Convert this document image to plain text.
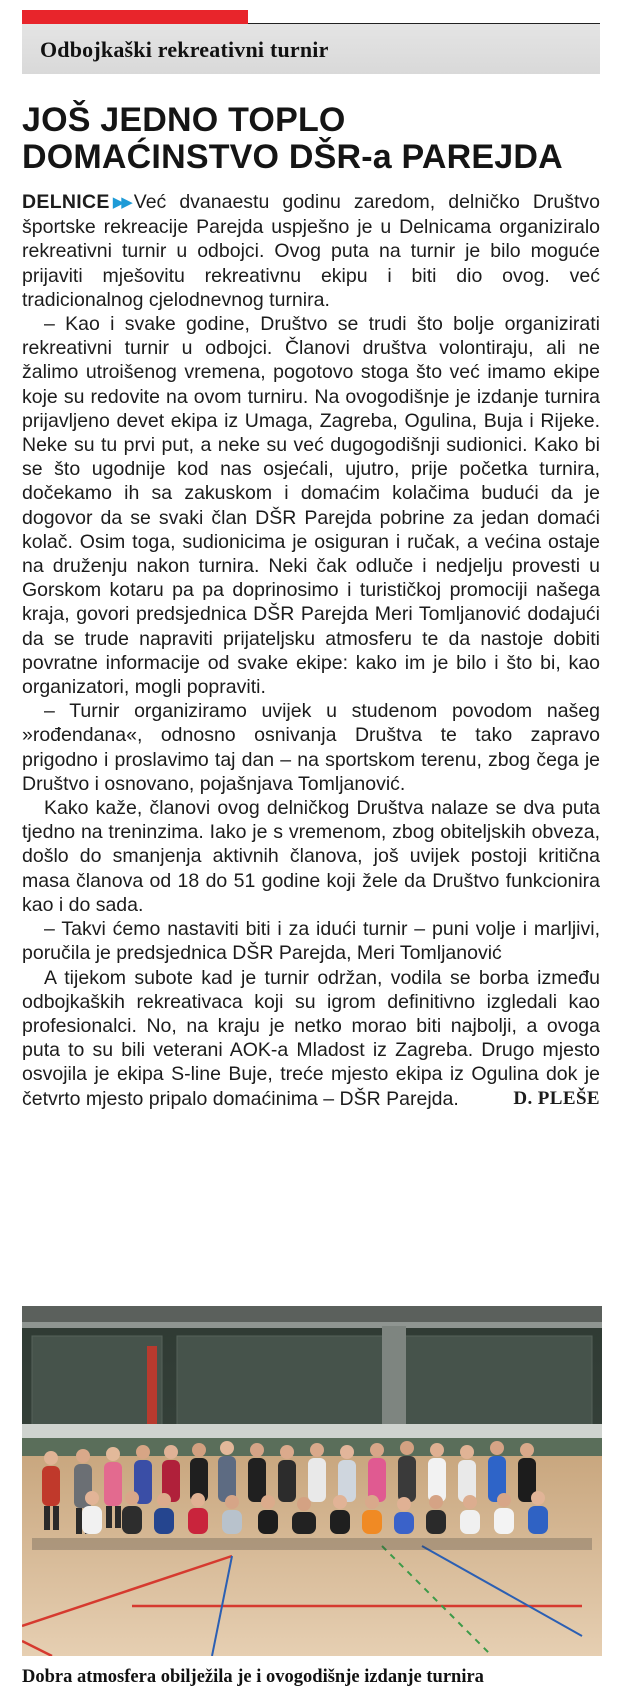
Odbojkaški rekreativni turnir
JOŠ JEDNO TOPLO
DOMAĆINSTVO DŠR-a PAREJDA

DELNICE ▶▶ Već dvanaestu godinu zaredom, delničko Društvo športske rekreacije Parejda uspješno je u Delnicama organiziralo rekreativni turnir u odbojci. Ovog puta na turnir je bilo moguće prijaviti mješovitu rekreativnu ekipu i biti dio ovog. već tradicionalnog cjelodnevnog turnira.

– Kao i svake godine, Društvo se trudi što bolje organizirati rekreativni turnir u odbojci. Članovi društva volontiraju, ali ne žalimo utroišenog vremena, pogotovo stoga što već imamo ekipe koje su redovite na ovom turniru. Na ovogodišnje je izdanje turnira prijavljeno devet ekipa iz Umaga, Zagreba, Ogulina, Buja i Rijeke. Neke su tu prvi put, a neke su već dugogodišnji sudionici. Kako bi se što ugodnije kod nas osjećali, ujutro, prije početka turnira, dočekamo ih sa zakuskom i domaćim kolačima budući da je dogovor da se svaki član DŠR Parejda pobrine za jedan domaći kolač. Osim toga, sudionicima je osiguran i ručak, a većina ostaje na druženju nakon turnira. Neki čak odluče i nedjelju provesti u Gorskom kotaru pa pa doprinosimo i turističkoj promociji našega kraja, govori predsjednica DŠR Parejda Meri Tomljanović dodajući da se trude napraviti prijateljsku atmosferu te da nastoje dobiti povratne informacije od svake ekipe: kako im je bilo i što bi, kao organizatori, mogli popraviti.

– Turnir organiziramo uvijek u studenom povodom našeg »rođendana«, odnosno osnivanja Društva te tako zapravo prigodno i proslavimo taj dan – na sportskom terenu, zbog čega je Društvo i osnovano, pojašnjava Tomljanović.

Kako kaže, članovi ovog delničkog Društva nalaze se dva puta tjedno na treninzima. Iako je s vremenom, zbog obiteljskih obveza, došlo do smanjenja aktivnih članova, još uvijek postoji kritična masa članova od 18 do 51 godine koji žele da Društvo funkcionira kao i do sada.

– Takvi ćemo nastaviti biti i za idući turnir – puni volje i marljivi, poručila je predsjednica DŠR Parejda, Meri Tomljanović

A tijekom subote kad je turnir održan, vodila se borba između odbojkaških rekreativaca koji su igrom definitivno izgledali kao profesionalci. No, na kraju je netko morao biti najbolji, a ovoga puta to su bili veterani AOK-a Mladost iz Zagreba. Drugo mjesto osvojila je ekipa S-line Buje, treće mjesto ekipa iz Ogulina dok je četvrto mjesto pripalo domaćinima – DŠR Parejda.	D. PLEŠE

Dobra atmosfera obilježila je i ovogodišnje izdanje turnira
